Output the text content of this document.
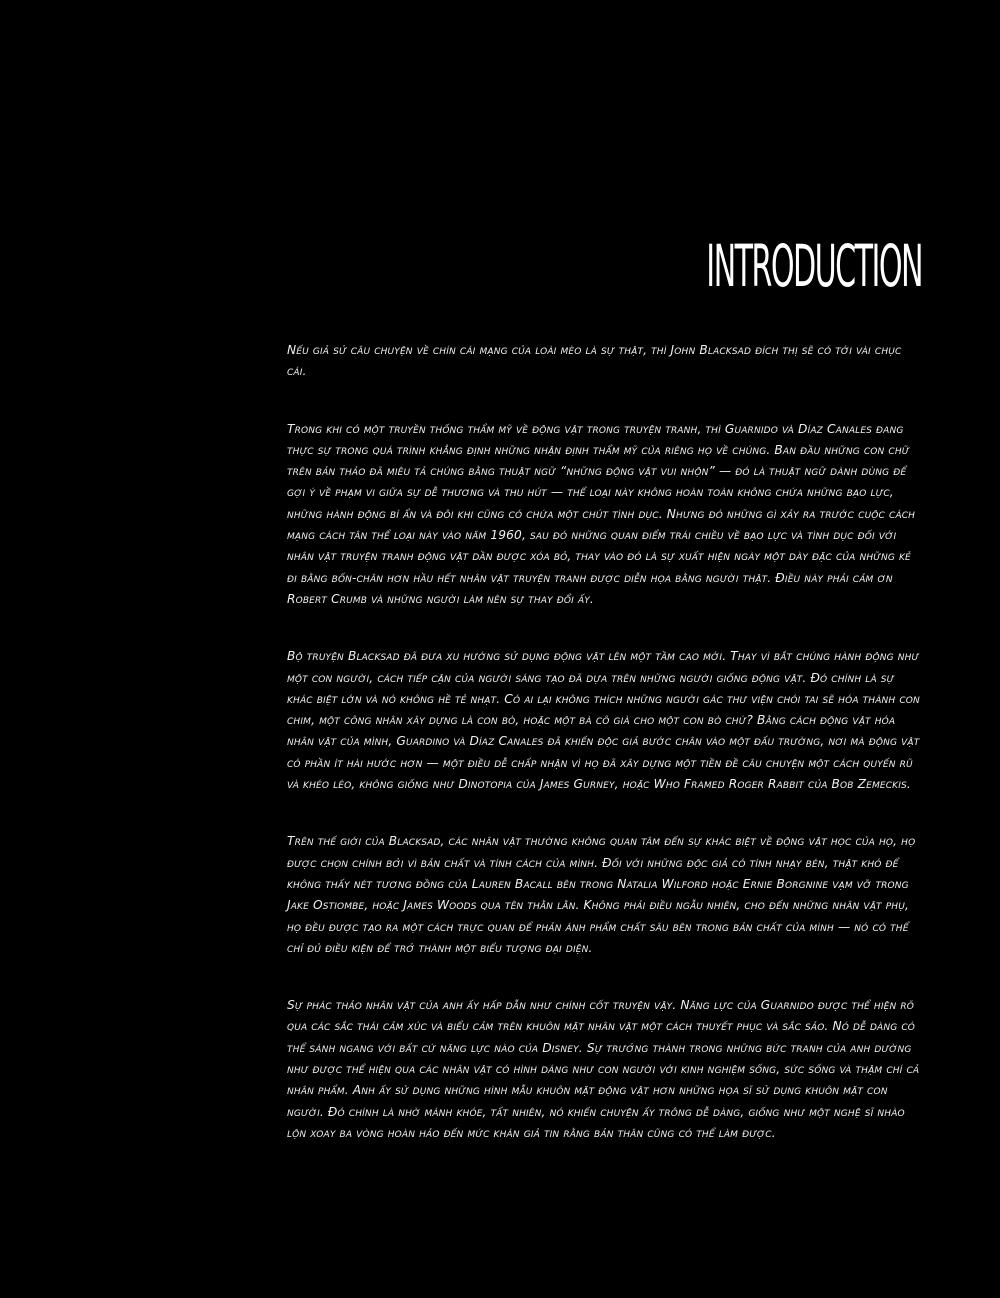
INTRODUCTION

Nếu giả sử câu chuyện về chín cái mạng của loài mèo là sự thật, thì John Blacksad đích thị sẽ có tới vài chục cái.

Trong khi có một truyền thống thẩm mỹ về động vật trong truyện tranh, thì Guarnido và Díaz Canales đang thực sự trong quá trình khẳng định những nhận định thẩm mỹ của riêng họ về chúng. Ban đầu những con chữ trên bản thảo đã miêu tả chúng bằng thuật ngữ “những động vật vui nhộn” — đó là thuật ngữ dành dùng để gợi ý về phạm vi giữa sự dễ thương và thu hút — thể loại này không hoàn toàn không chứa những bạo lực, những hành động bí ẩn và đôi khi cũng có chứa một chút tình dục. Nhưng đó những gì xảy ra trước cuộc cách mạng cách tân thể loại này vào năm 1960, sau đó những quan điểm trái chiều về bạo lực và tình dục đối với nhân vật truyện tranh động vật dần được xóa bỏ, thay vào đó là sự xuất hiện ngày một dày đặc của những kẻ đi bằng bốn-chân hơn hầu hết nhân vật truyện tranh được diễn họa bằng người thật. Điều này phải cảm ơn Robert Crumb và những người làm nên sự thay đổi ấy.

Bộ truyện Blacksad đã đưa xu hướng sử dụng động vật lên một tầm cao mới. Thay vì bắt chúng hành động như một con người, cách tiếp cận của người sáng tạo đã dựa trên những người giống động vật. Đó chính là sự khác biệt lớn và nó không hề tẻ nhạt. Có ai lại không thích những người gác thư viện chói tai sẽ hóa thành con chim, một công nhân xây dựng là con bò, hoặc một bà cô già cho một con bò chứ? Bằng cách động vật hóa nhân vật của mình, Guardino và Díaz Canales đã khiến độc giả bước chân vào một đấu trường, nơi mà động vật có phần ít hài hước hơn — một điều dễ chấp nhận vì họ đã xây dựng một tiền đề câu chuyện một cách quyến rũ và khéo léo, không giống như Dinotopia của James Gurney, hoặc Who Framed Roger Rabbit của Bob Zemeckis.

Trên thế giới của Blacksad, các nhân vật thường không quan tâm đến sự khác biệt về động vật học của họ, họ được chọn chính bởi vì bản chất và tính cách của mình. Đối với những độc giả có tính nhạy bén, thật khó để không thấy nét tương đồng của Lauren Bacall bên trong Natalia Wilford hoặc Ernie Borgnine vạm vỡ trong Jake Ostiombe, hoặc James Woods qua tên thằn lằn. Không phải điều ngẫu nhiên, cho đến những nhân vật phụ, họ đều được tạo ra một cách trực quan để phản ánh phẩm chất sâu bên trong bản chất của mình — nó có thể chỉ đủ điều kiện để trở thành một biểu tượng đại diện.

Sự phác thảo nhân vật của anh ấy hấp dẫn như chính cốt truyện vậy. Năng lực của Guarnido được thể hiện rõ qua các sắc thái cảm xúc và biểu cảm trên khuôn mặt nhân vật một cách thuyết phục và sắc sảo. Nó dễ dàng có thể sánh ngang với bất cứ năng lực nào của Disney. Sự trưởng thành trong những bức tranh của anh dường như được thể hiện qua các nhân vật có hình dáng như con người với kinh nghiệm sống, sức sống và thậm chí cả nhân phẩm. Anh ấy sử dụng những hình mẫu khuôn mặt động vật hơn những họa sĩ sử dụng khuôn mặt con người. Đó chính là nhờ mánh khóe, tất nhiên, nó khiến chuyện ấy trông dễ dàng, giống như một nghệ sĩ nhào lộn xoay ba vòng hoàn hảo đến mức khán giả tin rằng bản thân cũng có thể làm được.
